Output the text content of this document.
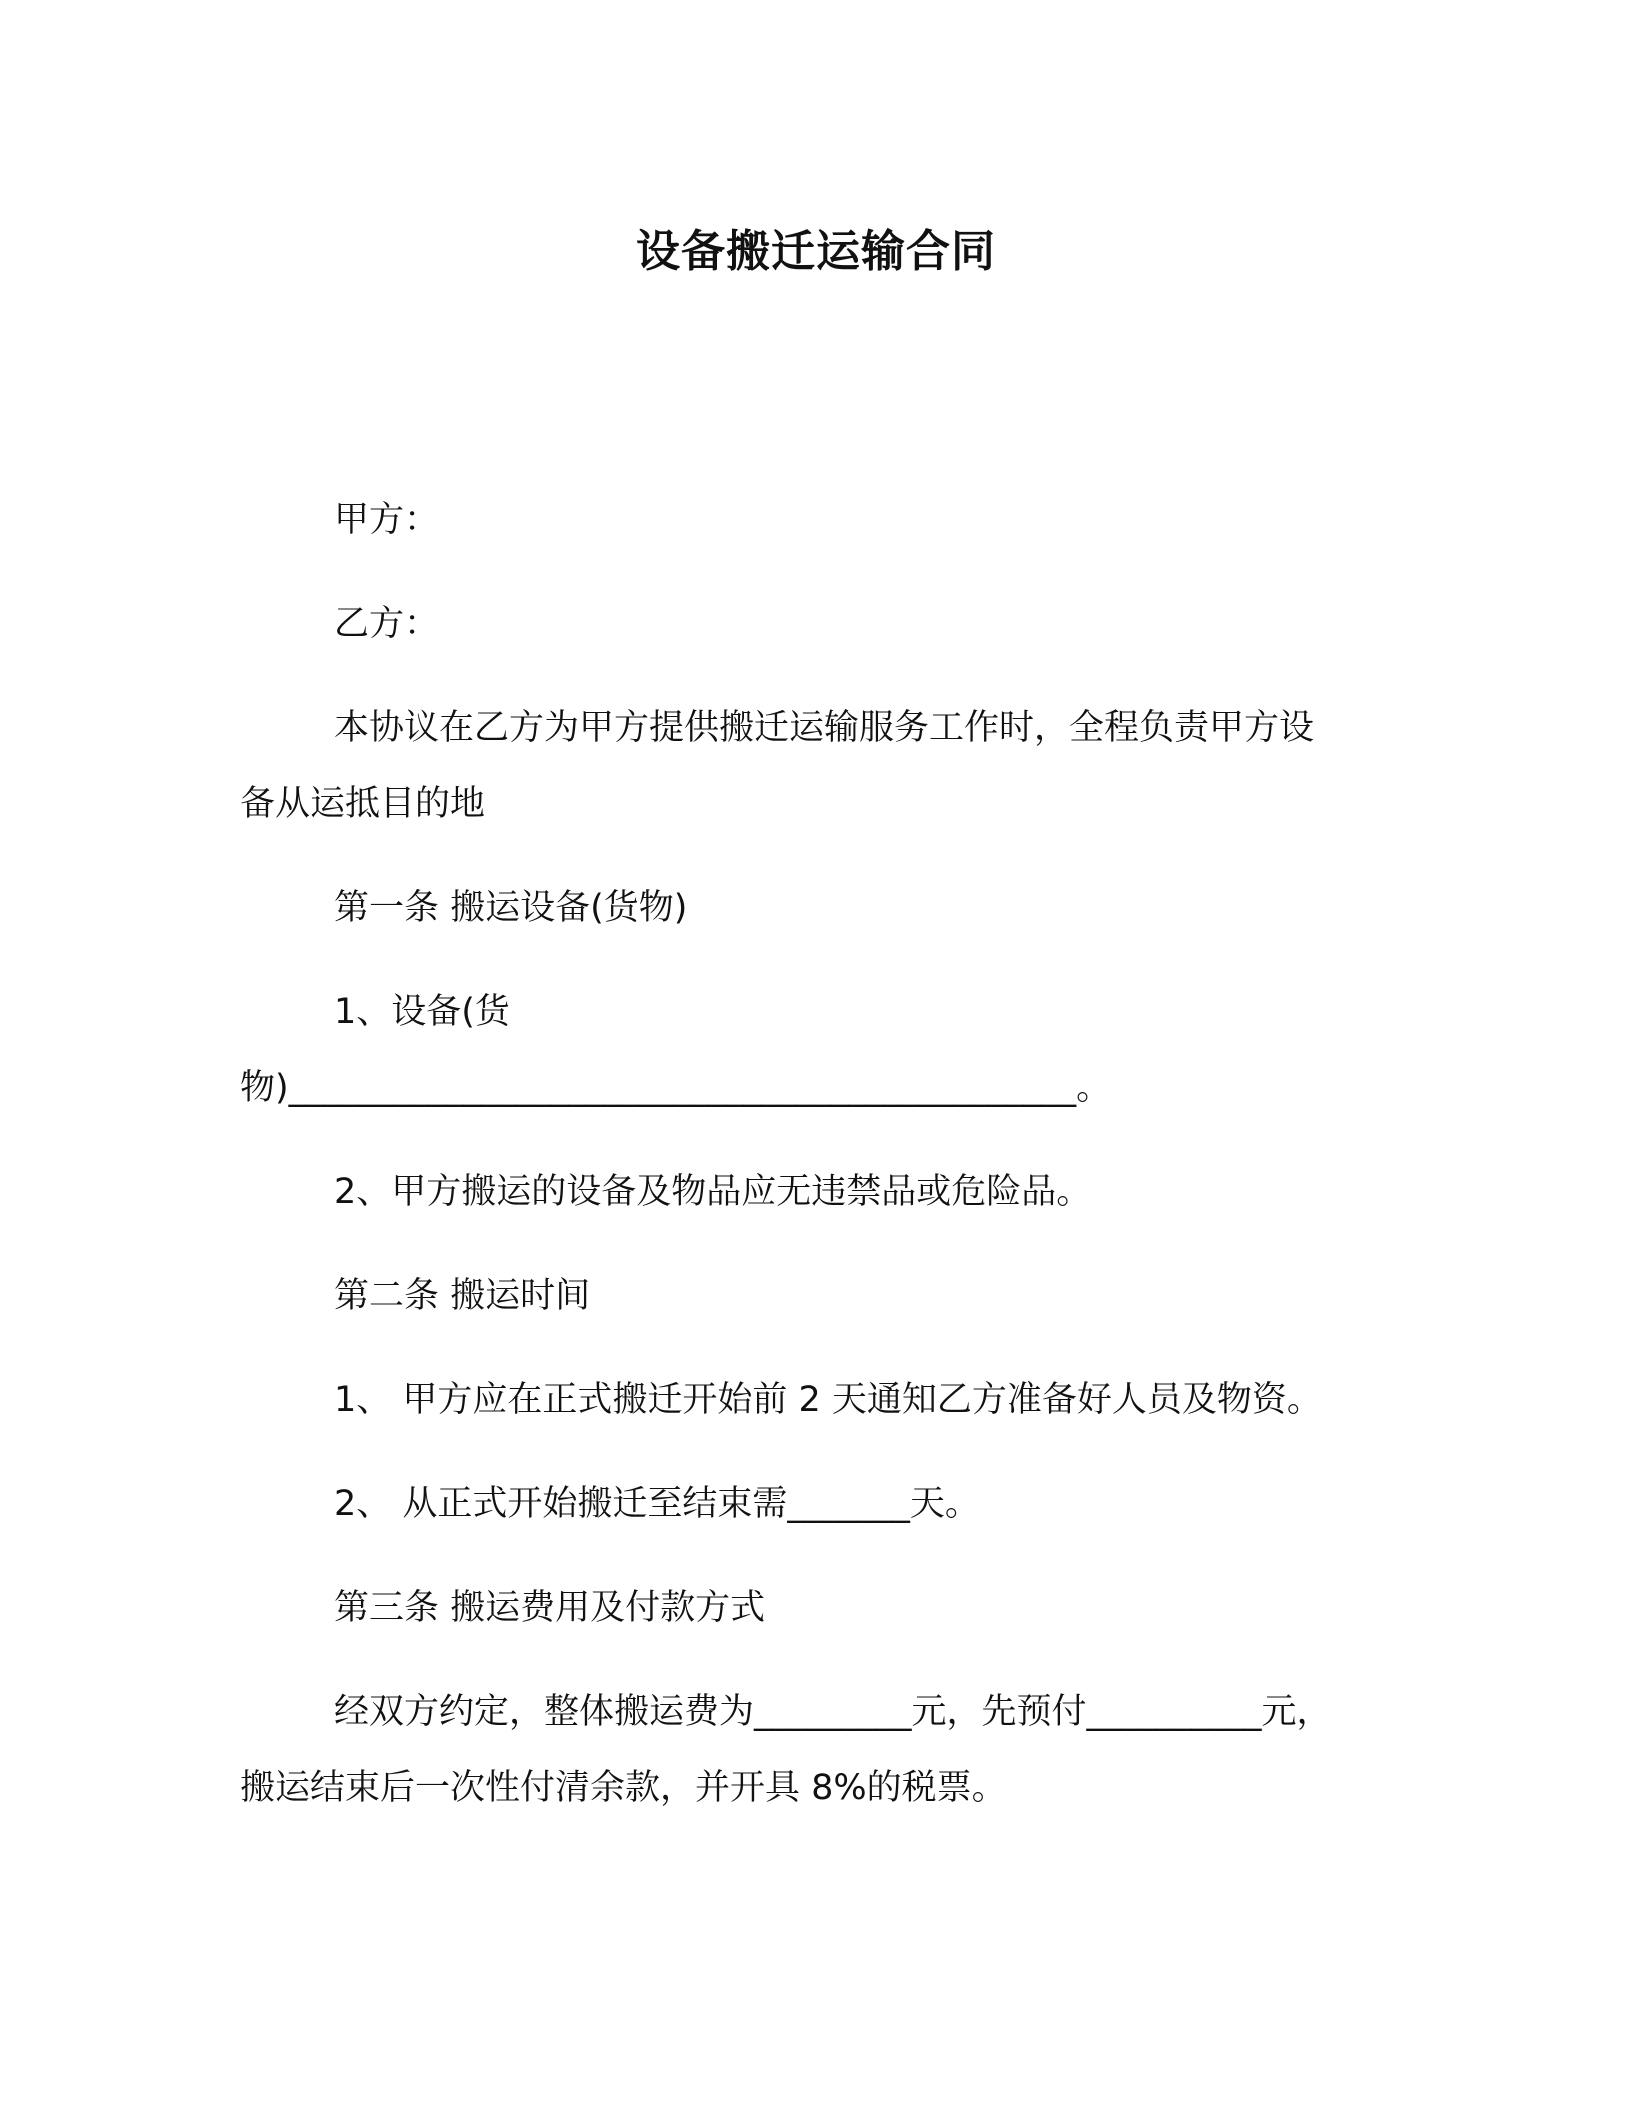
设备搬迁运输合同

甲方：

乙方：

本协议在乙方为甲方提供搬迁运输服务工作时，全程负责甲方设

备从运抵目的地

第一条 搬运设备(货物)

1、设备(货

物)_____________________________________________。

2、甲方搬运的设备及物品应无违禁品或危险品。

第二条 搬运时间

1、 甲方应在正式搬迁开始前 2 天通知乙方准备好人员及物资。

2、 从正式开始搬迁至结束需_______天。

第三条 搬运费用及付款方式

经双方约定，整体搬运费为_________元，先预付__________元，

搬运结束后一次性付清余款，并开具 8%的税票。
